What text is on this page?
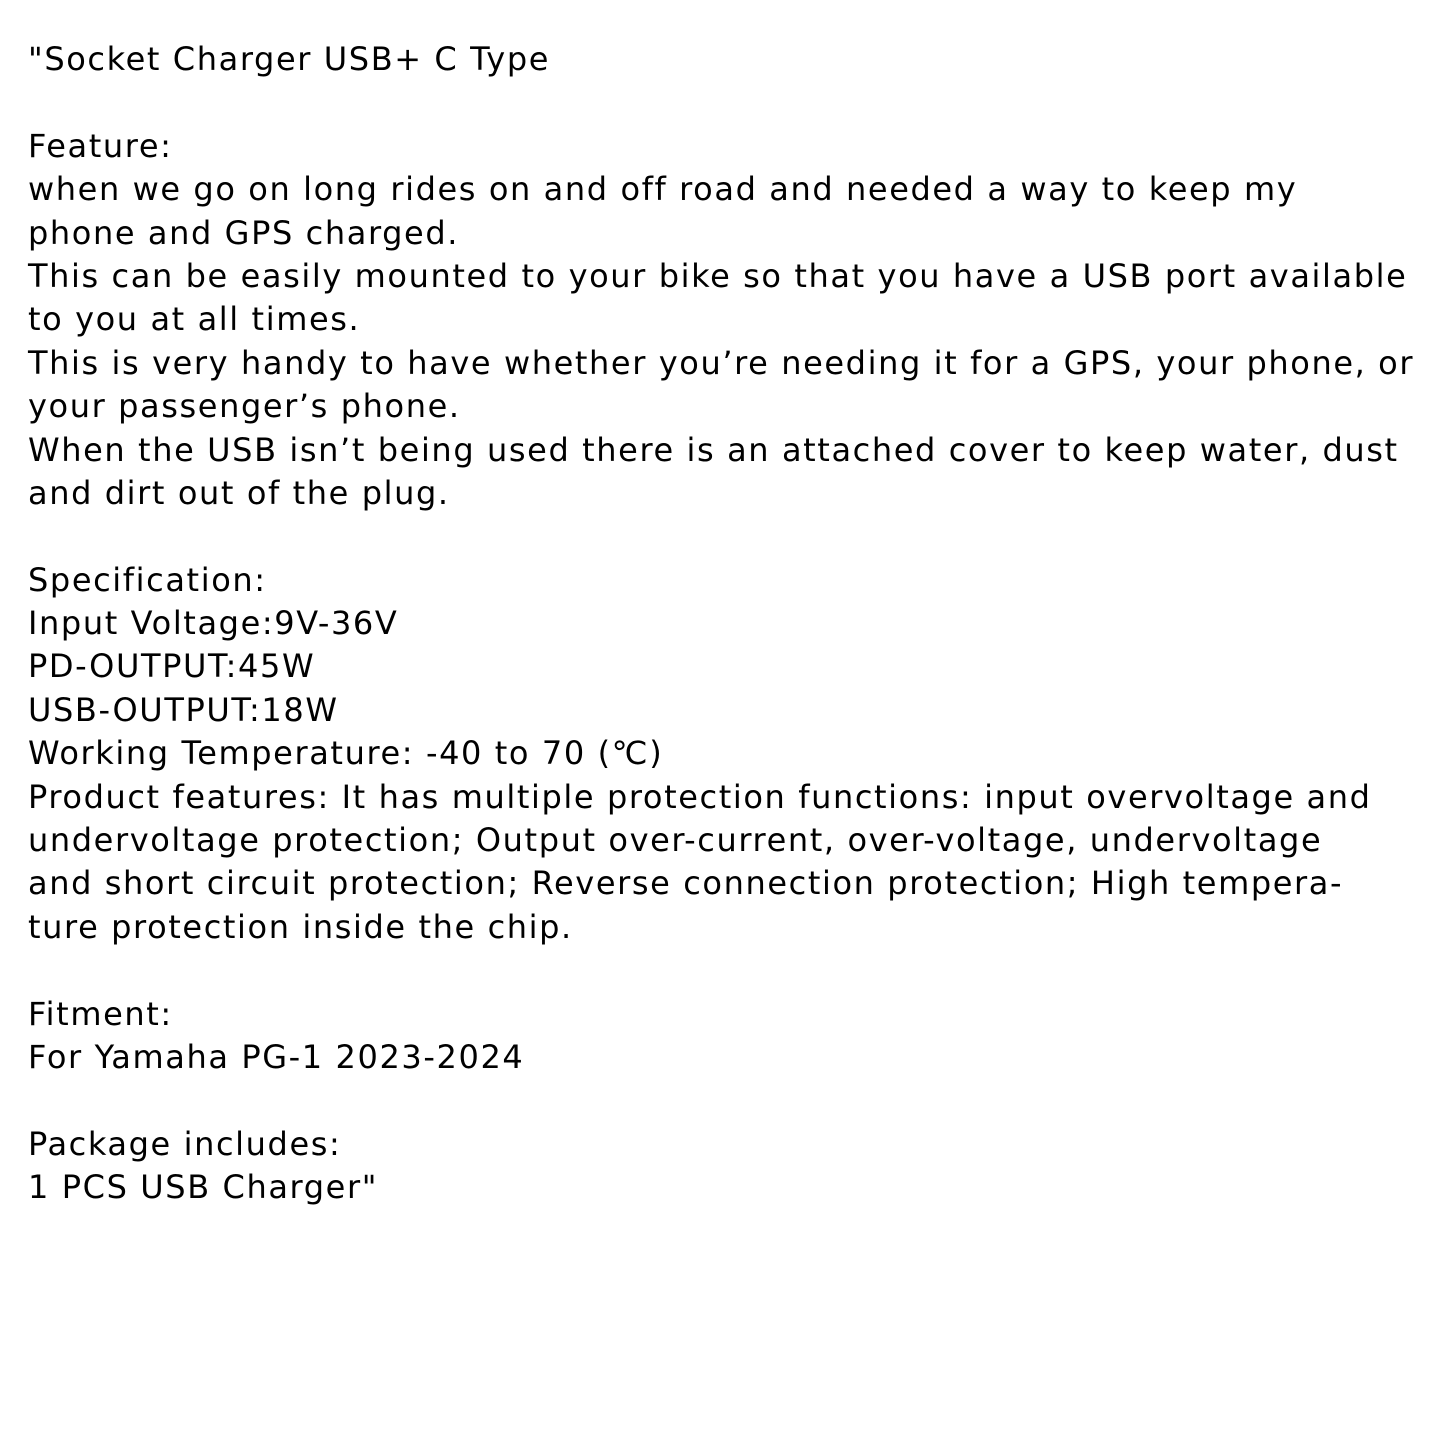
"Socket Charger USB+ C Type
Feature:
when we go on long rides on and off road and needed a way to keep my
phone and GPS charged.
This can be easily mounted to your bike so that you have a USB port available
to you at all times.
This is very handy to have whether you’re needing it for a GPS, your phone, or
your passenger’s phone.
When the USB isn’t being used there is an attached cover to keep water, dust
and dirt out of the plug.
Specification:
Input Voltage:9V-36V
PD-OUTPUT:45W
USB-OUTPUT:18W
Working Temperature: -40 to 70 (℃)
Product features: It has multiple protection functions: input overvoltage and
undervoltage protection; Output over-current, over-voltage, undervoltage
and short circuit protection; Reverse connection protection; High tempera-
ture protection inside the chip.
Fitment:
For Yamaha PG-1 2023-2024
Package includes:
1 PCS USB Charger"
